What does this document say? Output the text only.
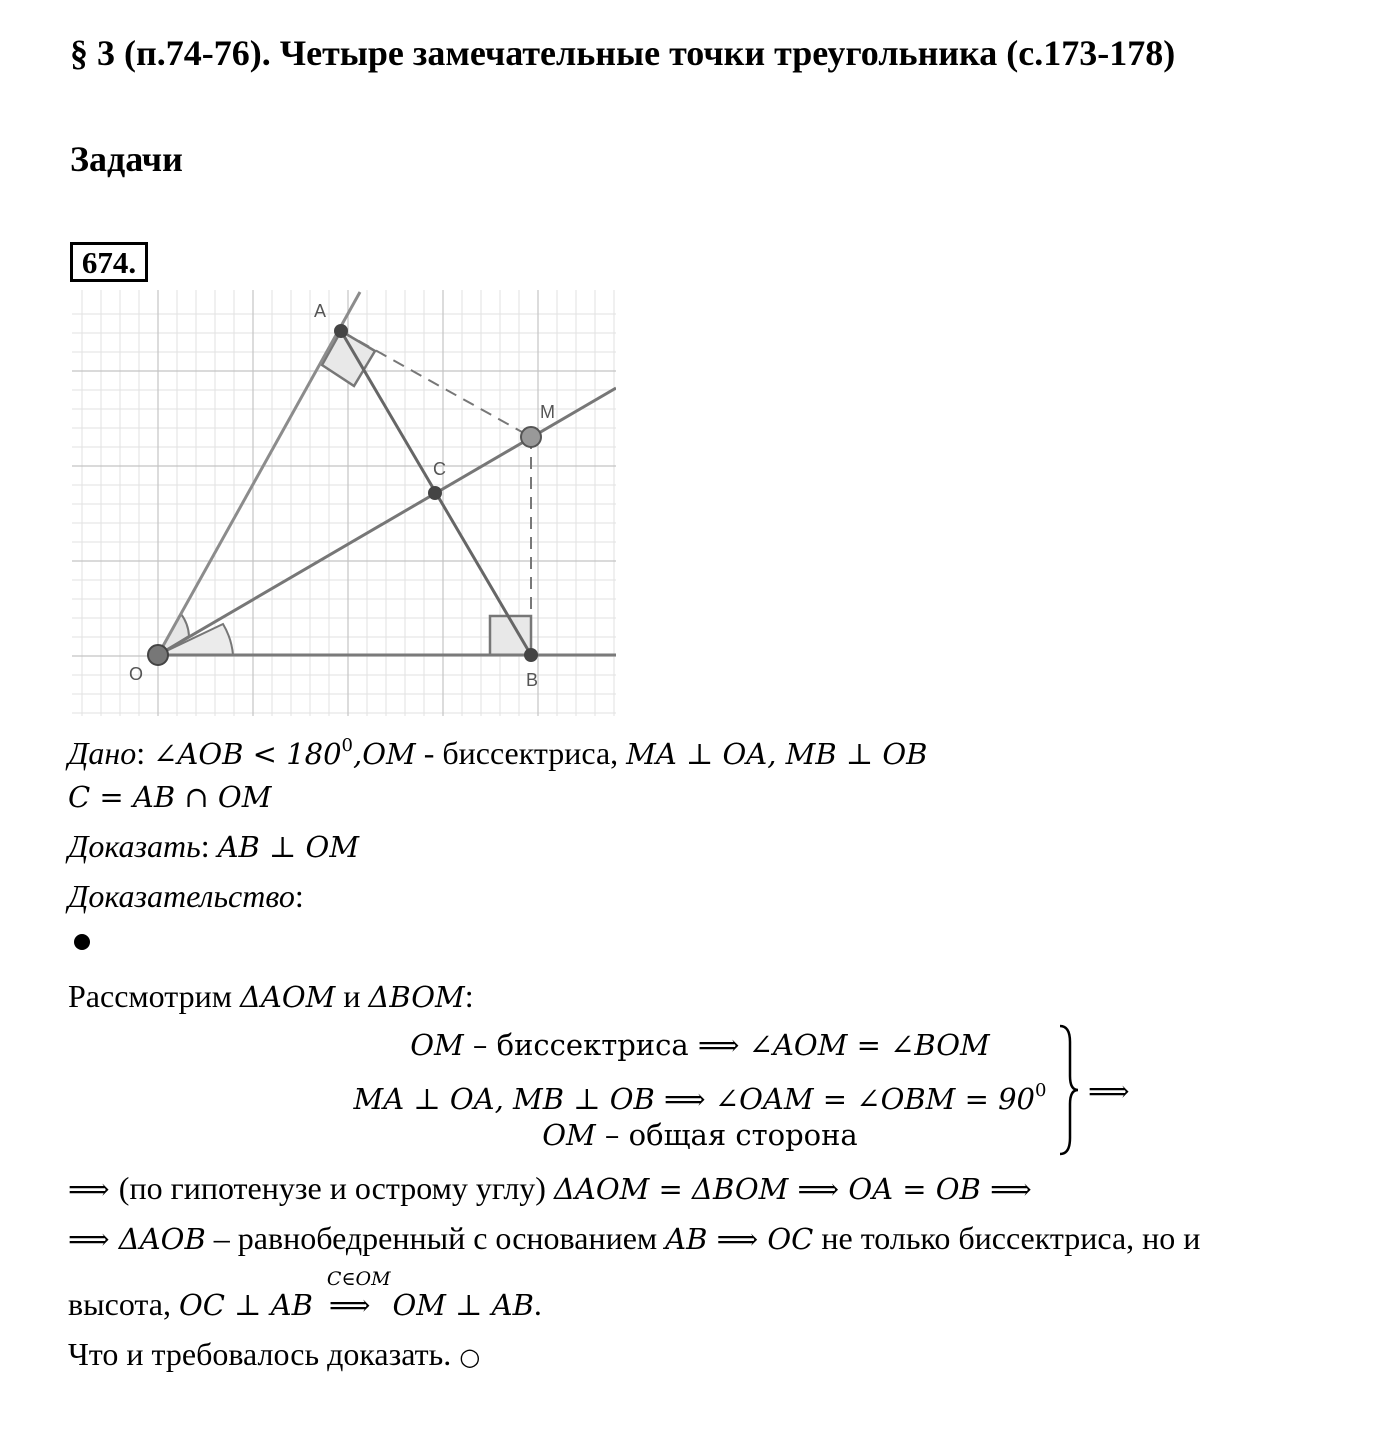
§ 3 (п.74-76). Четыре замечательные точки треугольника (с.173-178)
Задачи
674.
A
M
C
O	B
Дано: ∠AOB < $180^0,OM$ - биссектриса, MA ⊥ OA, MB ⊥ OB
C = AB ∩ OM
Доказать: AB ⊥ OM
Доказательство:
Рассмотрим ΔAOM и ΔBOM:
OM – биссектриса ⟹ ∠AOM = ∠BOM
MA ⊥ OA, MB ⊥ OB ⟹ ∠OAM = ∠OBM = $90^0$
OM – общая сторона
⟹
⟹ (по гипотенузе и острому углу) ΔAOM = ΔBOM ⟹ OA = OB ⟹
⟹ ΔAOB – равнобедренный с основанием AB ⟹ OC не только биссектриса, но и
высота, OC ⊥ AB
C∈OM
⟹ OM ⊥ AB.
Что и требовалось доказать. ○
